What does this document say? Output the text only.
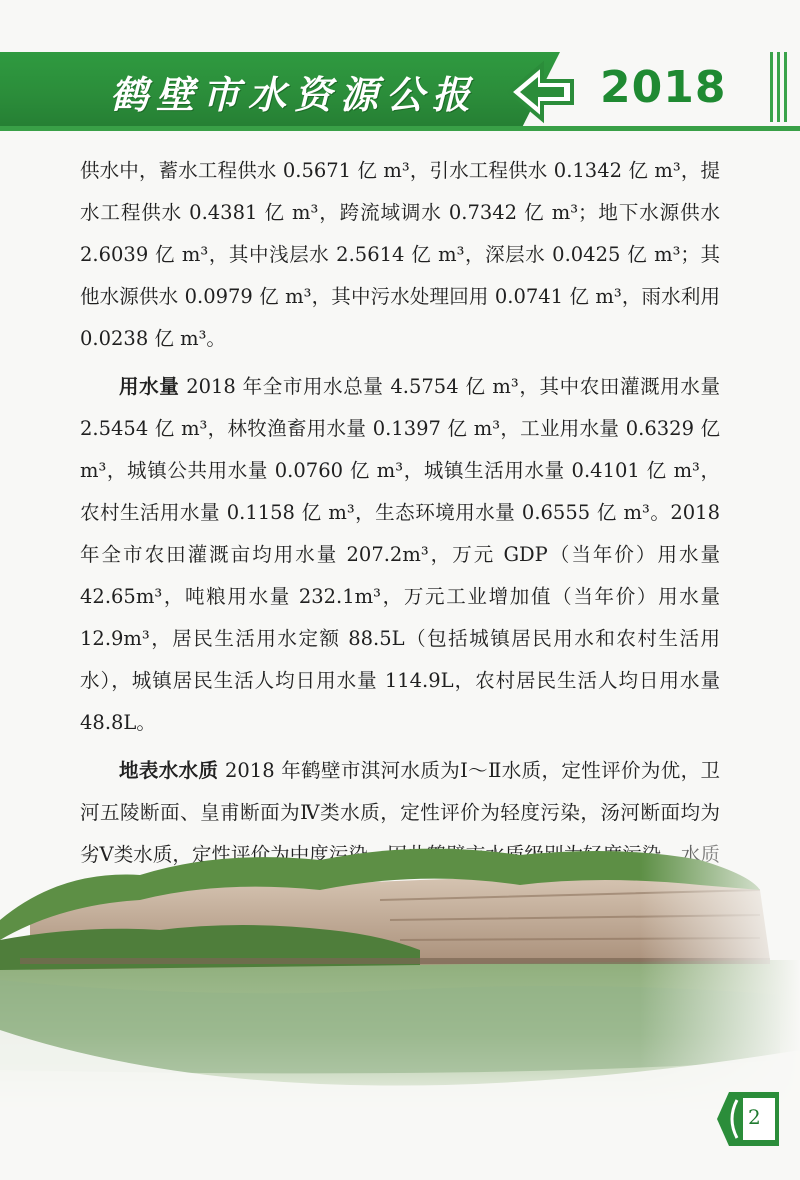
鹤壁市水资源公报	2018

供水中，蓄水工程供水 0.5671 亿 m³，引水工程供水 0.1342 亿 m³，提水工程供水 0.4381 亿 m³，跨流域调水 0.7342 亿 m³；地下水源供水 2.6039 亿 m³，其中浅层水 2.5614 亿 m³，深层水 0.0425 亿 m³；其他水源供水 0.0979 亿 m³，其中污水处理回用 0.0741 亿 m³，雨水利用 0.0238 亿 m³。

用水量 2018 年全市用水总量 4.5754 亿 m³，其中农田灌溉用水量 2.5454 亿 m³，林牧渔畜用水量 0.1397 亿 m³，工业用水量 0.6329 亿 m³，城镇公共用水量 0.0760 亿 m³，城镇生活用水量 0.4101 亿 m³，农村生活用水量 0.1158 亿 m³，生态环境用水量 0.6555 亿 m³。2018 年全市农田灌溉亩均用水量 207.2m³，万元 GDP（当年价）用水量 42.65m³，吨粮用水量 232.1m³，万元工业增加值（当年价）用水量 12.9m³，居民生活用水定额 88.5L（包括城镇居民用水和农村生活用水），城镇居民生活人均日用水量 114.9L，农村居民生活人均日用水量 48.8L。

地表水水质 2018 年鹤壁市淇河水质为Ⅰ～Ⅱ水质，定性评价为优，卫河五陵断面、皇甫断面为Ⅳ类水质，定性评价为轻度污染，汤河断面均为

2
